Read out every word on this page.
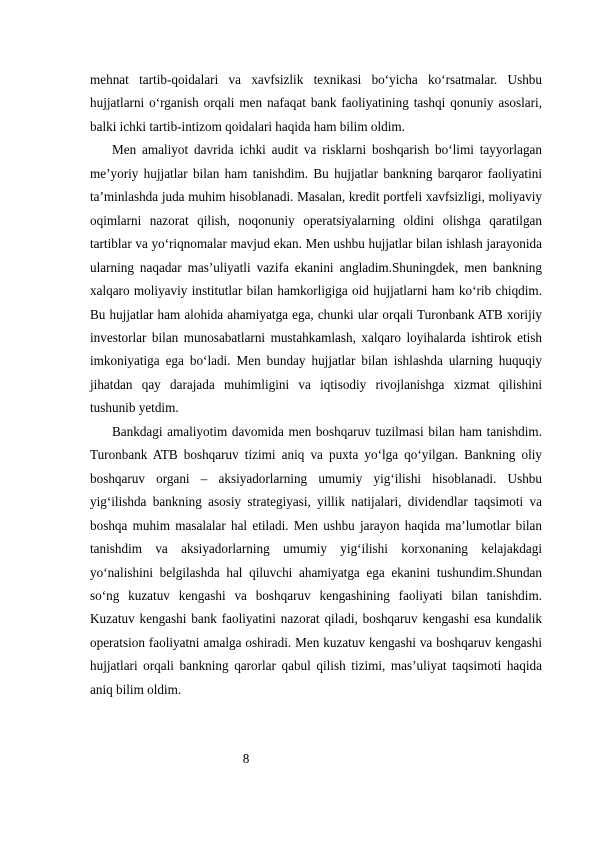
mehnat tartib-qoidalari va xavfsizlik texnikasi bo‘yicha ko‘rsatmalar. Ushbu hujjatlarni o‘rganish orqali men nafaqat bank faoliyatining tashqi qonuniy asoslari, balki ichki tartib-intizom qoidalari haqida ham bilim oldim.

Men amaliyot davrida ichki audit va risklarni boshqarish bo‘limi tayyorlagan me’yoriy hujjatlar bilan ham tanishdim. Bu hujjatlar bankning barqaror faoliyatini ta’minlashda juda muhim hisoblanadi. Masalan, kredit portfeli xavfsizligi, moliyaviy oqimlarni nazorat qilish, noqonuniy operatsiyalarning oldini olishga qaratilgan tartiblar va yo‘riqnomalar mavjud ekan. Men ushbu hujjatlar bilan ishlash jarayonida ularning naqadar mas’uliyatli vazifa ekanini angladim.Shuningdek, men bankning xalqaro moliyaviy institutlar bilan hamkorligiga oid hujjatlarni ham ko‘rib chiqdim. Bu hujjatlar ham alohida ahamiyatga ega, chunki ular orqali Turonbank ATB xorijiy investorlar bilan munosabatlarni mustahkamlash, xalqaro loyihalarda ishtirok etish imkoniyatiga ega bo‘ladi. Men bunday hujjatlar bilan ishlashda ularning huquqiy jihatdan qay darajada muhimligini va iqtisodiy rivojlanishga xizmat qilishini tushunib yetdim.

Bankdagi amaliyotim davomida men boshqaruv tuzilmasi bilan ham tanishdim. Turonbank ATB boshqaruv tizimi aniq va puxta yo‘lga qo‘yilgan. Bankning oliy boshqaruv organi – aksiyadorlarning umumiy yig‘ilishi hisoblanadi. Ushbu yig‘ilishda bankning asosiy strategiyasi, yillik natijalari, dividendlar taqsimoti va boshqa muhim masalalar hal etiladi. Men ushbu jarayon haqida ma’lumotlar bilan tanishdim va aksiyadorlarning umumiy yig‘ilishi korxonaning kelajakdagi yo‘nalishini belgilashda hal qiluvchi ahamiyatga ega ekanini tushundim.Shundan so‘ng kuzatuv kengashi va boshqaruv kengashining faoliyati bilan tanishdim. Kuzatuv kengashi bank faoliyatini nazorat qiladi, boshqaruv kengashi esa kundalik operatsion faoliyatni amalga oshiradi. Men kuzatuv kengashi va boshqaruv kengashi hujjatlari orqali bankning qarorlar qabul qilish tizimi, mas’uliyat taqsimoti haqida aniq bilim oldim.

8
